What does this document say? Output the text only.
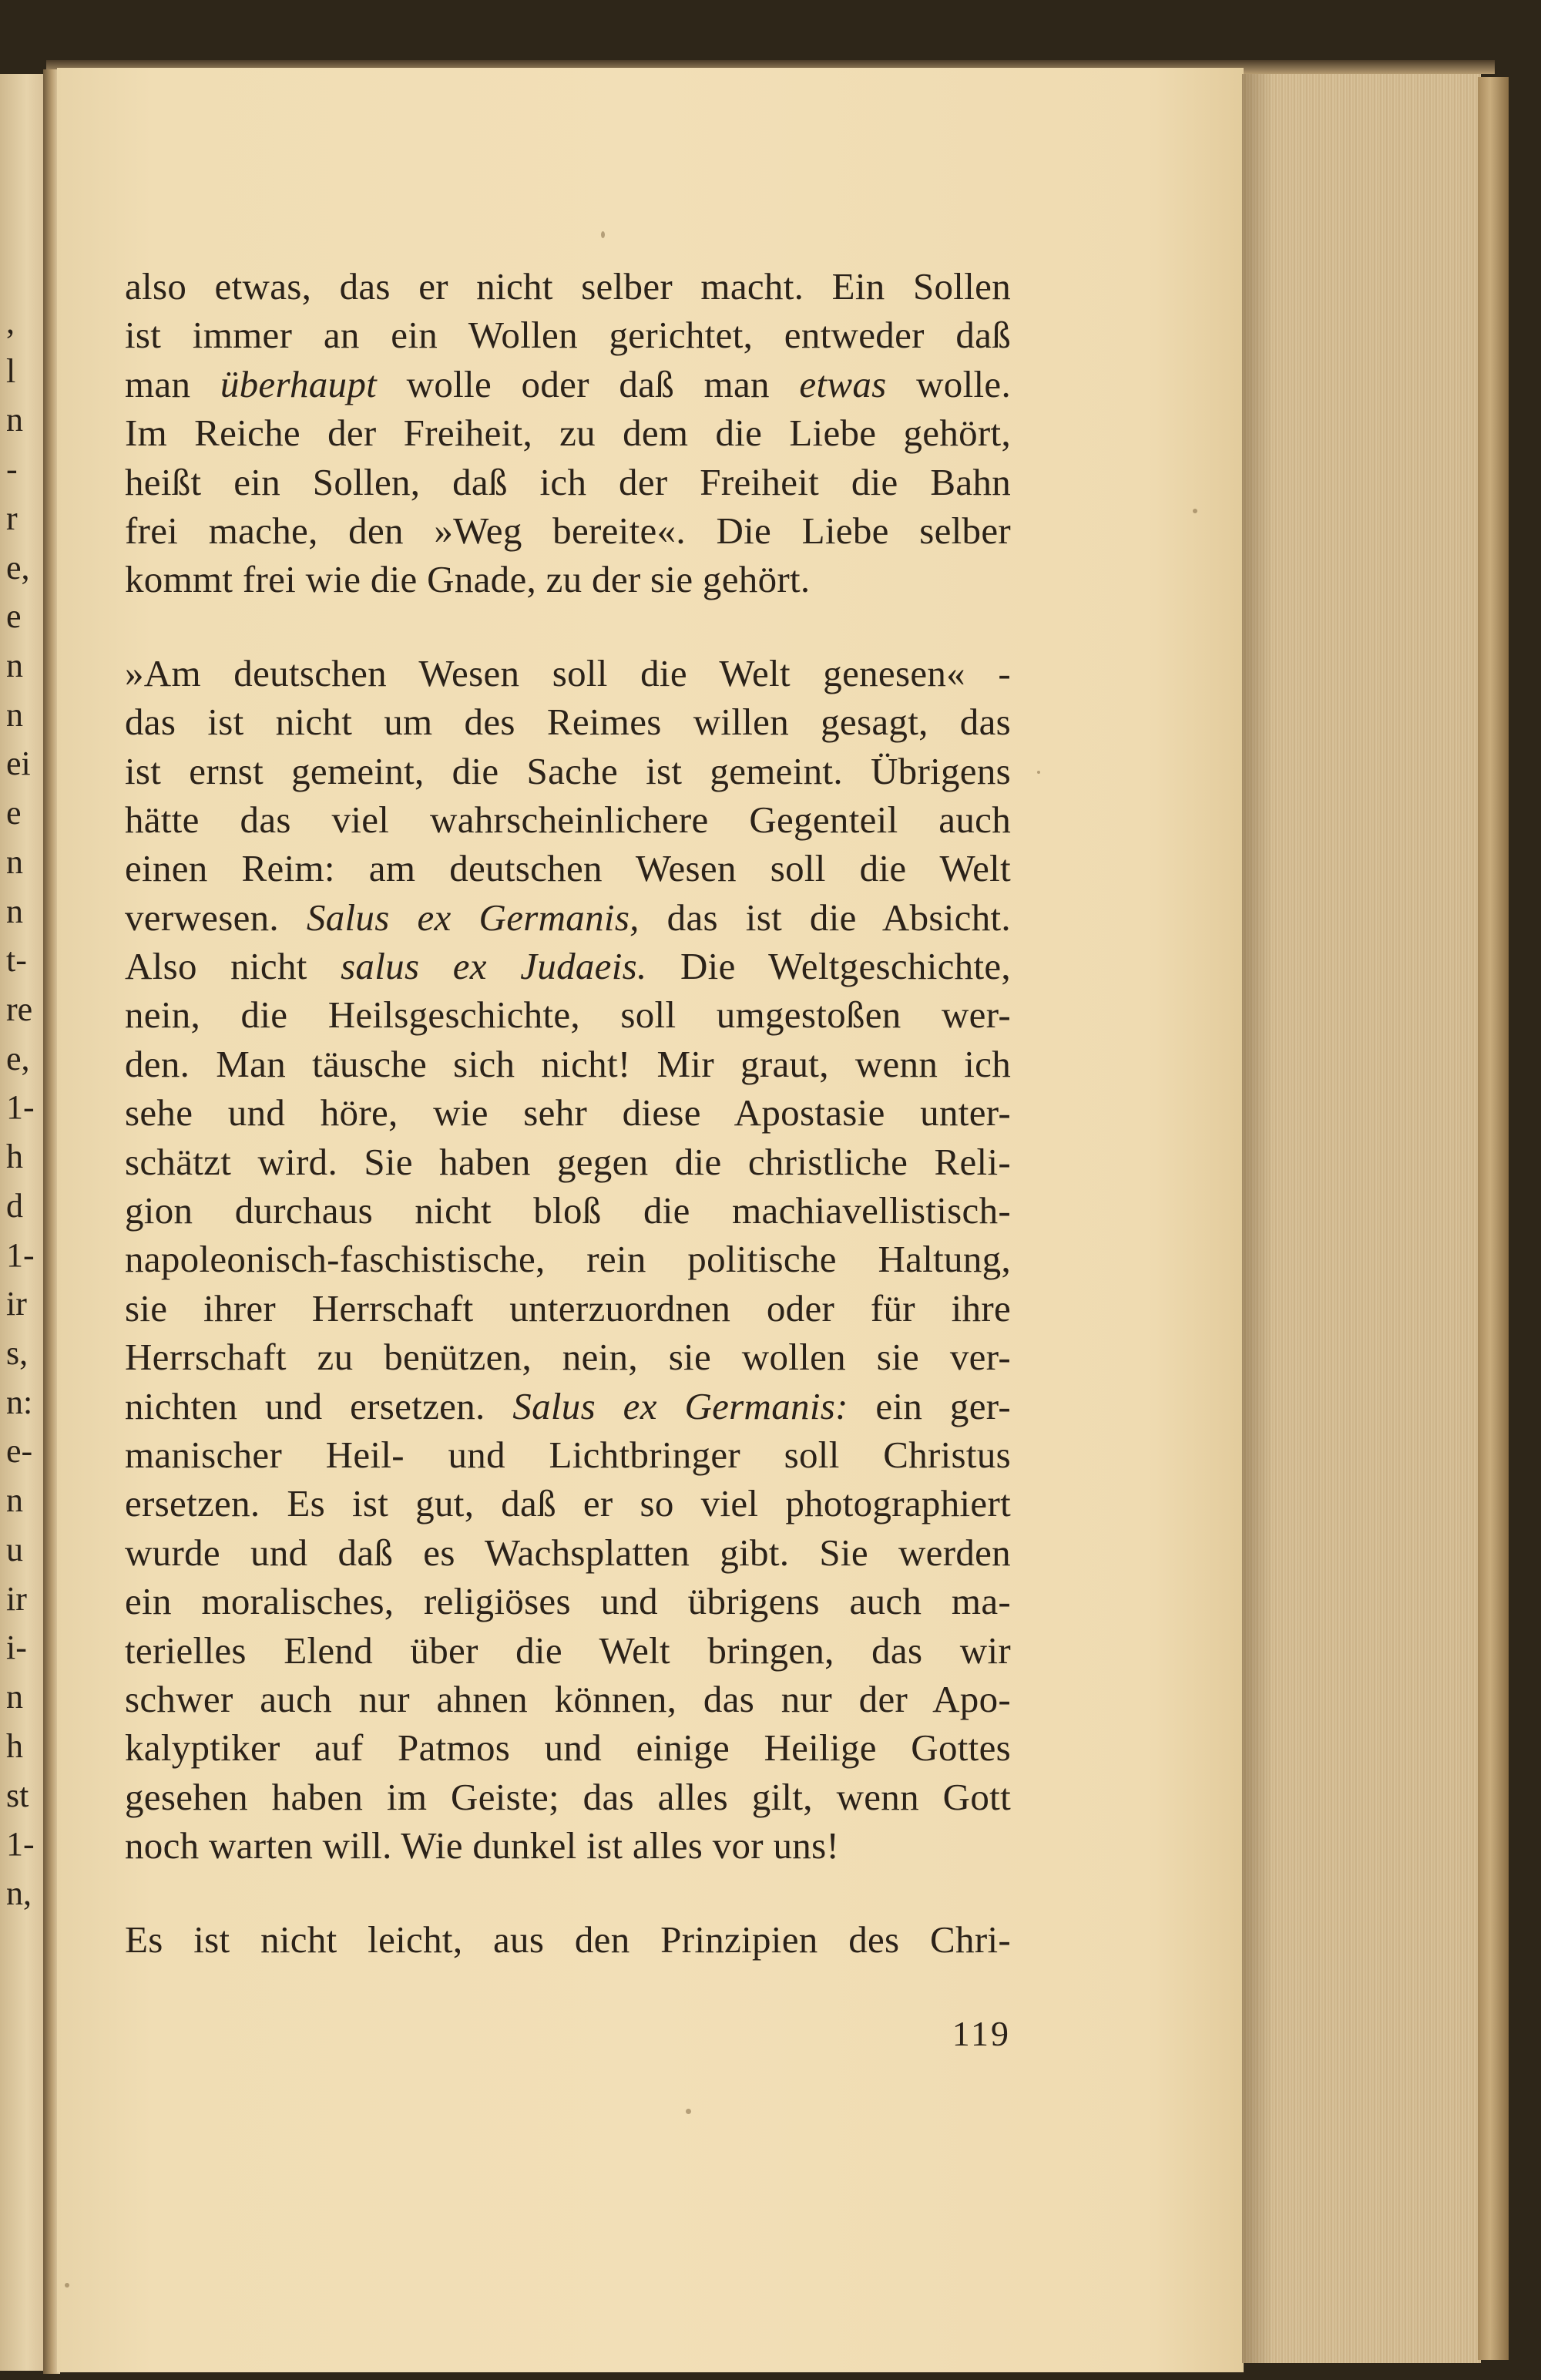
,
l
n
-
r
e,
e
n
n
ei
e
n
n
t-
re
e,
1-
h
d
1-
ir
s,
n:
e-
n
u
ir
i-
n
h
st
1-
n,
also etwas, das er nicht selber macht. Ein Sollen
ist immer an ein Wollen gerichtet, entweder daß
man überhaupt wolle oder daß man etwas wolle.
Im Reiche der Freiheit, zu dem die Liebe gehört,
heißt ein Sollen, daß ich der Freiheit die Bahn
frei mache, den »Weg bereite«. Die Liebe selber
kommt frei wie die Gnade, zu der sie gehört.
»Am deutschen Wesen soll die Welt genesen« -
das ist nicht um des Reimes willen gesagt, das
ist ernst gemeint, die Sache ist gemeint. Übrigens
hätte das viel wahrscheinlichere Gegenteil auch
einen Reim: am deutschen Wesen soll die Welt
verwesen. Salus ex Germanis, das ist die Absicht.
Also nicht salus ex Judaeis. Die Weltgeschichte,
nein, die Heilsgeschichte, soll umgestoßen wer-
den. Man täusche sich nicht! Mir graut, wenn ich
sehe und höre, wie sehr diese Apostasie unter-
schätzt wird. Sie haben gegen die christliche Reli-
gion durchaus nicht bloß die machiavellistisch-
napoleonisch-faschistische, rein politische Haltung,
sie ihrer Herrschaft unterzuordnen oder für ihre
Herrschaft zu benützen, nein, sie wollen sie ver-
nichten und ersetzen. Salus ex Germanis: ein ger-
manischer Heil- und Lichtbringer soll Christus
ersetzen. Es ist gut, daß er so viel photographiert
wurde und daß es Wachsplatten gibt. Sie werden
ein moralisches, religiöses und übrigens auch ma-
terielles Elend über die Welt bringen, das wir
schwer auch nur ahnen können, das nur der Apo-
kalyptiker auf Patmos und einige Heilige Gottes
gesehen haben im Geiste; das alles gilt, wenn Gott
noch warten will. Wie dunkel ist alles vor uns!
Es ist nicht leicht, aus den Prinzipien des Chri-
119
